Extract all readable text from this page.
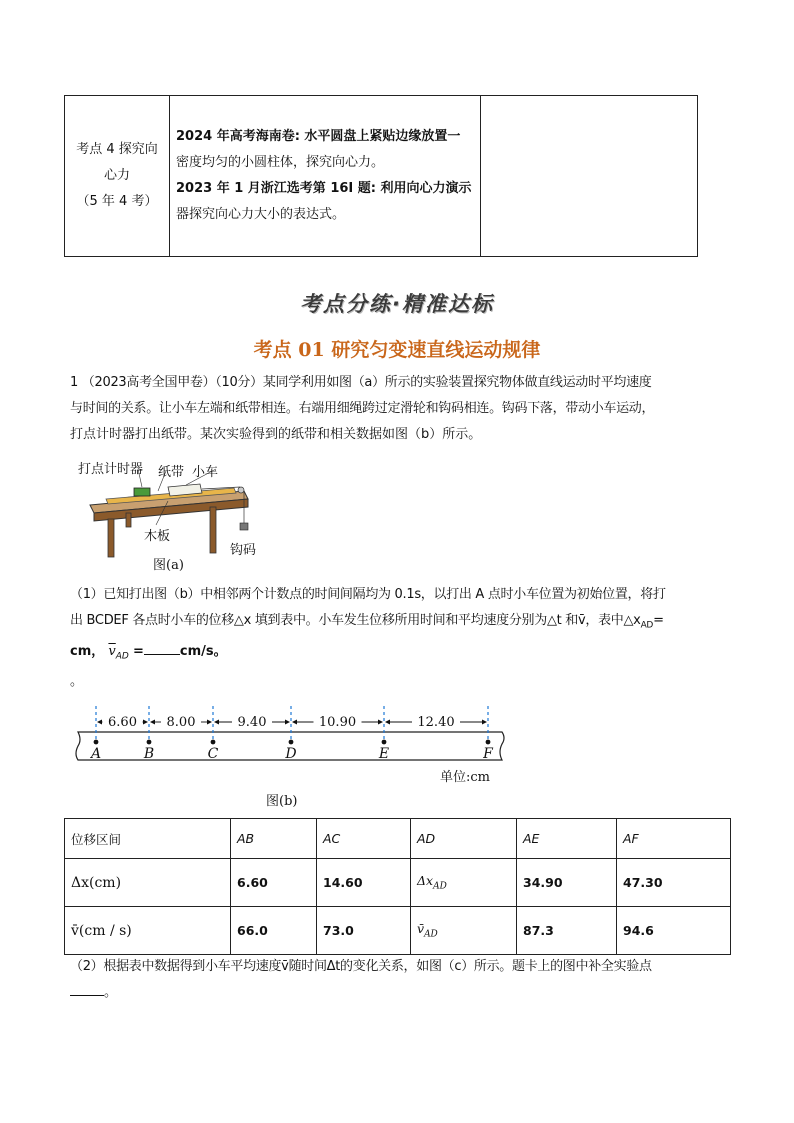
考点 4 探究向
心力
（5 年 4 考）

2024 年高考海南卷: 水平圆盘上紧贴边缘放置一
密度均匀的小圆柱体，探究向心力。
2023 年 1 月浙江选考第 16I 题: 利用向心力演示
器探究向心力大小的表达式。

考点分练·精准达标
考点 01 研究匀变速直线运动规律
1 （2023高考全国甲卷）（10分）某同学利用如图（a）所示的实验装置探究物体做直线运动时平均速度
与时间的关系。让小车左端和纸带相连。右端用细绳跨过定滑轮和钩码相连。钩码下落，带动小车运动，
打点计时器打出纸带。某次实验得到的纸带和相关数据如图（b）所示。
打点计时器 纸带 小车
木板
钩码
图(a)
（1）已知打出图（b）中相邻两个计数点的时间间隔均为 0.1s，以打出 A 点时小车位置为初始位置，将打
出 BCDEF 各点时小车的位移△x 填到表中。小车发生位移所用时间和平均速度分别为△t 和v̄，表中$\triangle x_{AD}=$
cm， $\overline{v}_{AD}$ =	cm/s。
。
A	B	C	D	E	F
6.60 8.00	9.40	10.90	12.40
单位:cm
图(b)
位移区间	AB	AC	AD	AE	AF
Δx(cm)	6.60	14.60	$\Delta x_{AD}$	34.90	47.30
v̄(cm / s)	66.0	73.0	$v̄_{AD}$	87.3	94.6
（2）根据表中数据得到小车平均速度v̄随时间Δt的变化关系，如图（c）所示。题卡上的图中补全实验点
。
